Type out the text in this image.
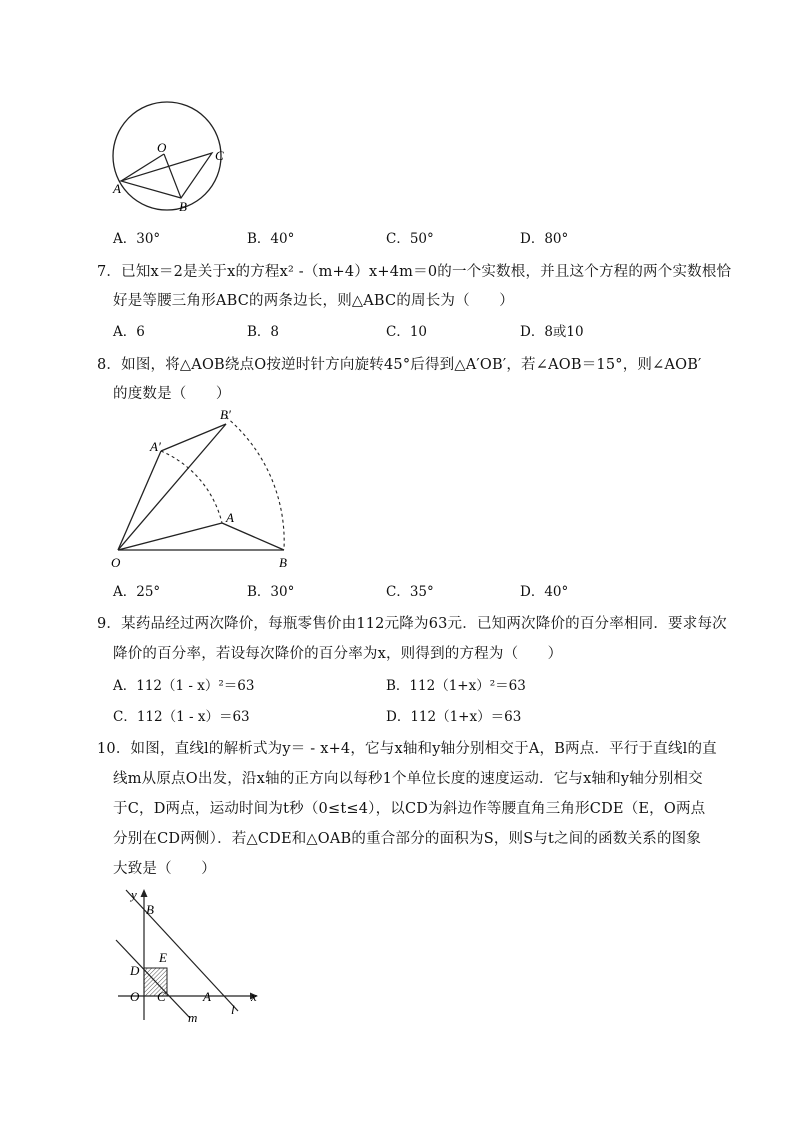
O
A
B
C
A．30°	B．40°	C．50°	D．80°
7．已知x＝2是关于x的方程x² -（m+4）x+4m＝0的一个实数根，并且这个方程的两个实数根恰
好是等腰三角形ABC的两条边长，则△ABC的周长为（　　）
A．6	B．8	C．10	D．8或10
8．如图，将△AOB绕点O按逆时针方向旋转45°后得到△A′OB′，若∠AOB＝15°，则∠AOB′
的度数是（　　）
B′
A′
A
O	B
A．25°	B．30°	C．35°	D．40°
9．某药品经过两次降价，每瓶零售价由112元降为63元．已知两次降价的百分率相同．要求每次
降价的百分率，若设每次降价的百分率为x，则得到的方程为（　　）
A．112（1 - x）²＝63	B．112（1+x）²＝63
C．112（1 - x）＝63	D．112（1+x）＝63
10．如图，直线l的解析式为y＝ - x+4，它与x轴和y轴分别相交于A，B两点．平行于直线l的直
线m从原点O出发，沿x轴的正方向以每秒1个单位长度的速度运动．它与x轴和y轴分别相交
于C，D两点，运动时间为t秒（0≤t≤4），以CD为斜边作等腰直角三角形CDE（E，O两点
分别在CD两侧）．若△CDE和△OAB的重合部分的面积为S，则S与t之间的函数关系的图象
大致是（　　）
y
B
E
D
O C	A	x
m
l
